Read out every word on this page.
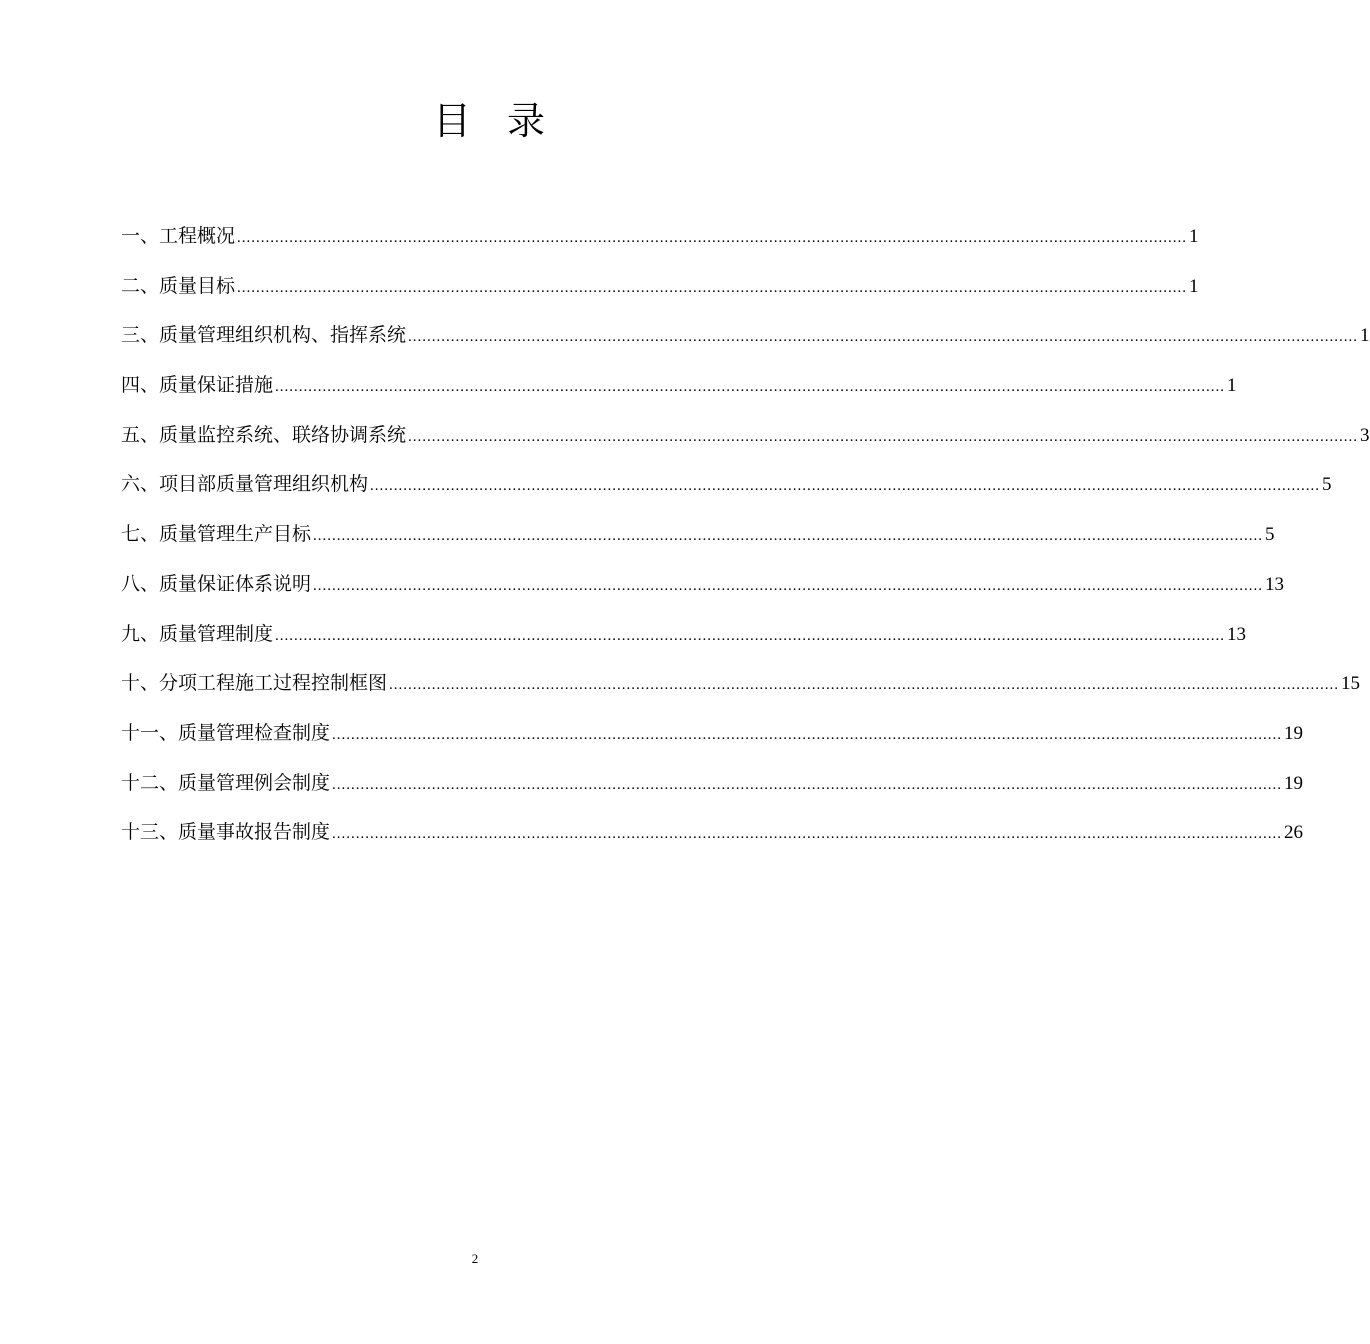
目 录
一、工程概况 ........................................................................................................................................................................................................ 1
二、质量目标 ........................................................................................................................................................................................................ 1
三、质量管理组织机构、指挥系统 ........................................................................................................................................................................................................ 1
四、质量保证措施 ........................................................................................................................................................................................................ 1
五、质量监控系统、联络协调系统 ........................................................................................................................................................................................................ 3
六、项目部质量管理组织机构 ........................................................................................................................................................................................................ 5
七、质量管理生产目标 ........................................................................................................................................................................................................ 5
八、质量保证体系说明 ........................................................................................................................................................................................................ 13
九、质量管理制度 ........................................................................................................................................................................................................ 13
十、分项工程施工过程控制框图 ........................................................................................................................................................................................................ 15
十一、质量管理检查制度 ........................................................................................................................................................................................................ 19
十二、质量管理例会制度 ........................................................................................................................................................................................................ 19
十三、质量事故报告制度 ........................................................................................................................................................................................................ 26
2
